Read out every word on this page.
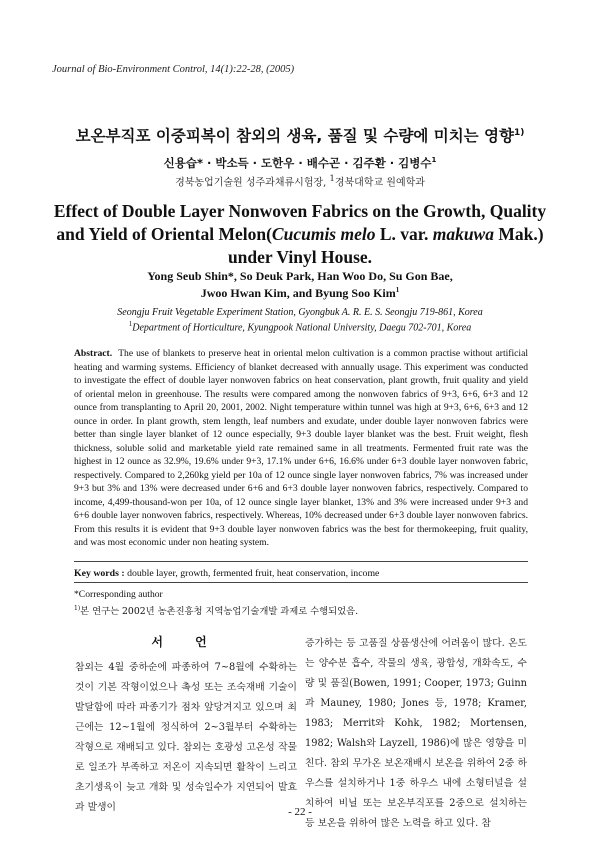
Journal of Bio-Environment Control, 14(1):22-28, (2005)
보온부직포 이중피복이 참외의 생육, 품질 및 수량에 미치는 영향$^{1)}$
신용습* · 박소득 · 도한우 · 배수곤 · 김주환 · 김병수$^1$
경북농업기술원 성주과채류시험장, $^1$경북대학교 원예학과
Effect of Double Layer Nonwoven Fabrics on the Growth, Quality
and Yield of Oriental Melon(Cucumis melo L. var. makuwa Mak.)
under Vinyl House.
Yong Seub Shin*, So Deuk Park, Han Woo Do, Su Gon Bae,
Jwoo Hwan Kim, and Byung Soo Kim$^1$
Seongju Fruit Vegetable Experiment Station, Gyongbuk A. R. E. S. Seongju 719-861, Korea
$^1$Department of Horticulture, Kyungpook National University, Daegu 702-701, Korea
Abstract. The use of blankets to preserve heat in oriental melon cultivation is a common practise without artificial heating and warming systems. Efficiency of blanket decreased with annually usage. This experiment was conducted to investigate the effect of double layer nonwoven fabrics on heat conservation, plant growth, fruit quality and yield of oriental melon in greenhouse. The results were compared among the nonwoven fabrics of 9+3, 6+6, 6+3 and 12 ounce from transplanting to April 20, 2001, 2002. Night temperature within tunnel was high at 9+3, 6+6, 6+3 and 12 ounce in order. In plant growth, stem length, leaf numbers and exudate, under double layer nonwoven fabrics were better than single layer blanket of 12 ounce especially, 9+3 double layer blanket was the best. Fruit weight, flesh thickness, soluble solid and marketable yield rate remained same in all treatments. Fermented fruit rate was the highest in 12 ounce as 32.9%, 19.6% under 9+3, 17.1% under 6+6, 16.6% under 6+3 double layer nonwoven fabric, respectively. Compared to 2,260kg yield per 10a of 12 ounce single layer nonwoven fabrics, 7% was increased under 9+3 but 3% and 13% were decreased under 6+6 and 6+3 double layer nonwoven fabrics, respectively. Compared to income, 4,499-thousand-won per 10a, of 12 ounce single layer blanket, 13% and 3% were increased under 9+3 and 6+6 double layer nonwoven fabrics, respectively. Whereas, 10% decreased under 6+3 double layer nonwoven fabrics. From this results it is evident that 9+3 double layer nonwoven fabrics was the best for thermokeeping, fruit quality, and was most economic under non heating system.
Key words : double layer, growth, fermented fruit, heat conservation, income
*Corresponding author
$^{1)}$본 연구는 2002년 농촌진흥청 지역농업기술개발 과제로 수행되었음.
서 언
참외는 4월 중하순에 파종하여 7~8월에 수확하는 것이 기본 작형이었으나 촉성 또는 조숙재배 기술이 발달함에 따라 파종기가 점차 앞당겨지고 있으며 최근에는 12~1월에 정식하여 2~3월부터 수확하는 작형으로 재배되고 있다. 참외는 호광성 고온성 작물로 일조가 부족하고 저온이 지속되면 활착이 느리고 초기생육이 늦고 개화 및 성숙일수가 지연되어 발효과 발생이
증가하는 등 고품질 상품생산에 어려움이 많다. 온도는 양수분 흡수, 작물의 생육, 광합성, 개화속도, 수량 및 품질(Bowen, 1991; Cooper, 1973; Guinn과 Mauney, 1980; Jones 등, 1978; Kramer, 1983; Merrit와 Kohk, 1982; Mortensen, 1982; Walsh와 Layzell, 1986)에 많은 영향을 미친다. 참외 무가온 보온재배시 보온을 위하여 2중 하우스를 설치하거나 1중 하우스 내에 소형터널을 설치하여 비닐 또는 보온부직포를 2중으로 설치하는 등 보온을 위하여 많은 노력을 하고 있다. 참
- 22 -
